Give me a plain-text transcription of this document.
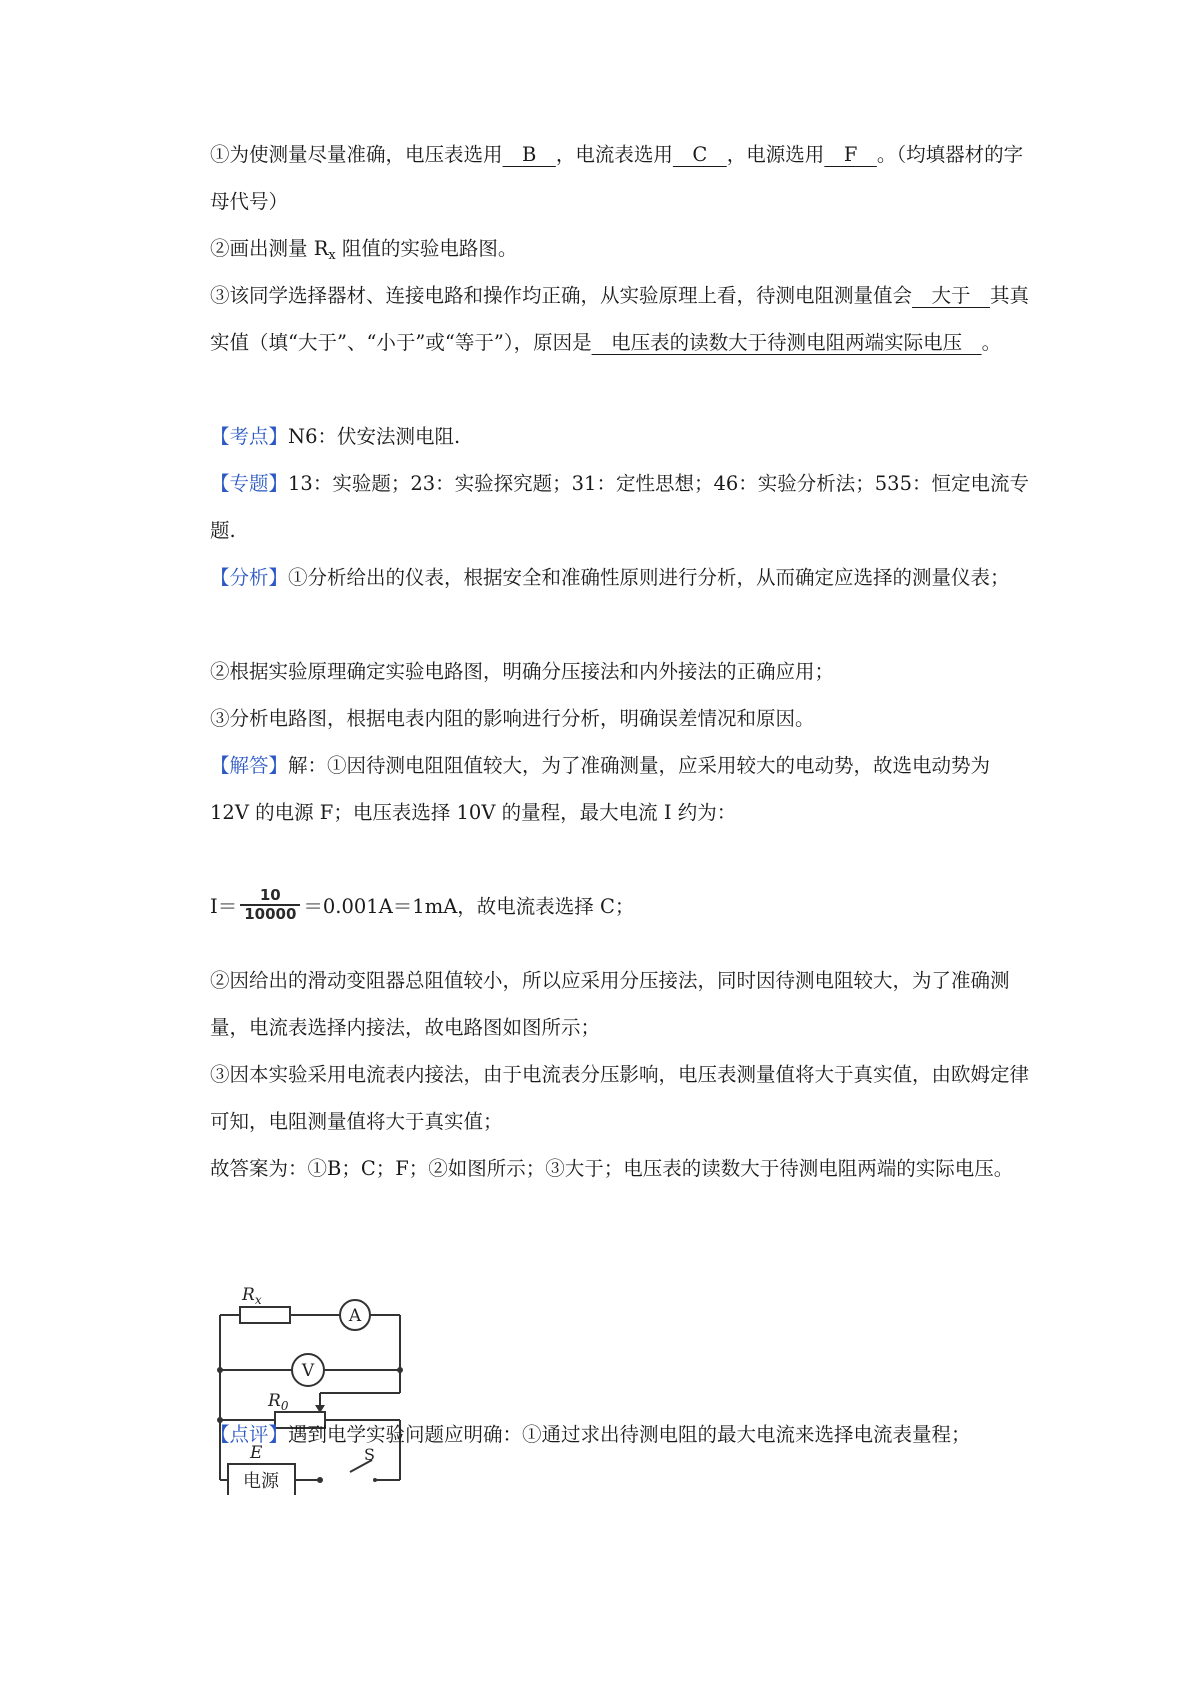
①为使测量尽量准确，电压表选用　B　，电流表选用　C　，电源选用　F　。（均填器材的字母代号）

②画出测量 $R_x$ 阻值的实验电路图。

③该同学选择器材、连接电路和操作均正确，从实验原理上看，待测电阻测量值会　大于　其真实值（填“大于”、“小于”或“等于”），原因是　电压表的读数大于待测电阻两端实际电压　。

【考点】N6：伏安法测电阻.

【专题】13：实验题；23：实验探究题；31：定性思想；46：实验分析法；535：恒定电流专题.

【分析】①分析给出的仪表，根据安全和准确性原则进行分析，从而确定应选择的测量仪表；

②根据实验原理确定实验电路图，明确分压接法和内外接法的正确应用；

③分析电路图，根据电表内阻的影响进行分析，明确误差情况和原因。

【解答】解：①因待测电阻阻值较大，为了准确测量，应采用较大的电动势，故选电动势为 12V 的电源 F；电压表选择 10V 的量程，最大电流 I 约为：

$I= \frac{10}{10000} =0.001A=1mA$，故电流表选择 C；

②因给出的滑动变阻器总阻值较小，所以应采用分压接法，同时因待测电阻较大，为了准确测量，电流表选择内接法，故电路图如图所示；

③因本实验采用电流表内接法，由于电流表分压影响，电压表测量值将大于真实值，由欧姆定律可知，电阻测量值将大于真实值；

故答案为：①B；C；F；②如图所示；③大于；电压表的读数大于待测电阻两端的实际电压。

$R_x$
A
V
$R_0$
E
电源
S

【点评】遇到电学实验问题应明确：①通过求出待测电阻的最大电流来选择电流表量程；
